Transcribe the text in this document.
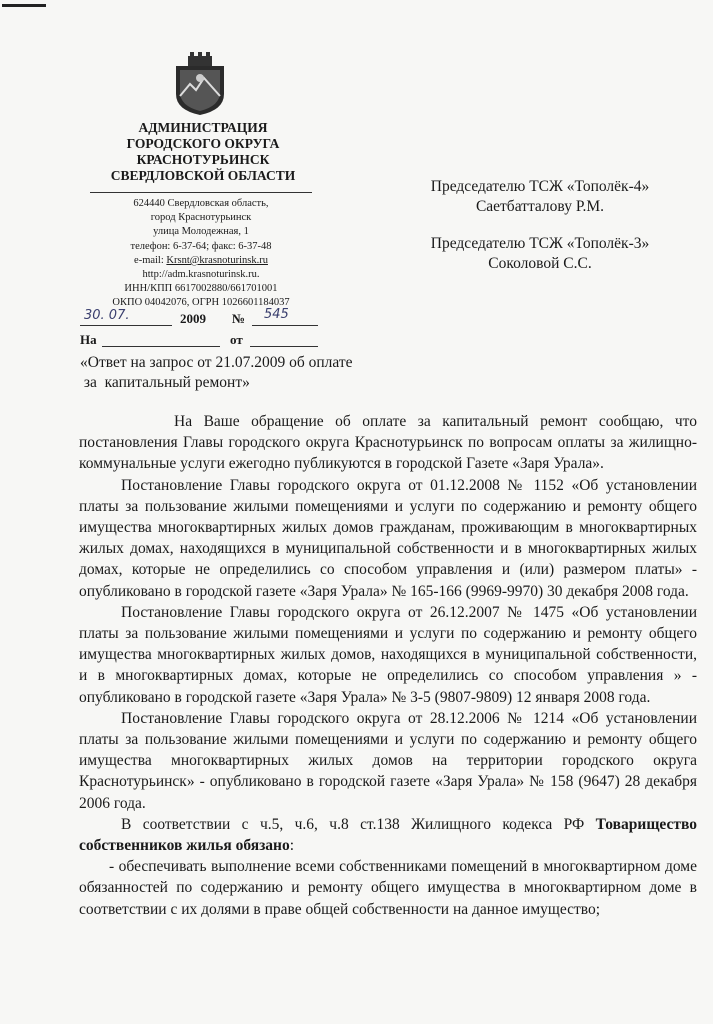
АДМИНИСТРАЦИЯ
ГОРОДСКОГО ОКРУГА
КРАСНОТУРЬИНСК
СВЕРДЛОВСКОЙ ОБЛАСТИ
624440 Свердловская область,
город Краснотурьинск
улица Молодежная, 1
телефон: 6-37-64; факс: 6-37-48
e-mail: Krsnt@krasnoturinsk.ru
http://adm.krasnoturinsk.ru.
ИНН/КПП 6617002880/661701001
ОКПО 04042076, ОГРН 1026601184037
30. 07.	2009 № 545
На	от
Председателю ТСЖ «Тополёк-4»
Саетбатталову Р.М.
Председателю ТСЖ «Тополёк-3»
Соколовой С.С.
«Ответ на запрос от 21.07.2009 об оплате
за  капитальный ремонт»

На Ваше обращение об оплате за капитальный ремонт сообщаю, что постановления Главы городского округа Краснотурьинск по вопросам оплаты за жилищно-коммунальные услуги ежегодно публикуются в городской Газете «Заря Урала».

Постановление Главы городского округа от 01.12.2008 № 1152 «Об установлении платы за пользование жилыми помещениями и услуги по содержанию и ремонту общего имущества многоквартирных жилых домов гражданам, проживающим в многоквартирных жилых домах, находящихся в муниципальной собственности и в многоквартирных жилых домах, которые не определились со способом управления и (или) размером платы» - опубликовано в городской газете «Заря Урала» № 165-166 (9969-9970) 30 декабря 2008 года.

Постановление Главы городского округа от 26.12.2007 № 1475 «Об установлении платы за пользование жилыми помещениями и услуги по содержанию и ремонту общего имущества многоквартирных жилых домов, находящихся в муниципальной собственности, и в многоквартирных домах, которые не определились со способом управления » - опубликовано в городской газете «Заря Урала» № 3-5 (9807-9809) 12 января 2008 года.

Постановление Главы городского округа от 28.12.2006 № 1214 «Об установлении платы за пользование жилыми помещениями и услуги по содержанию и ремонту общего имущества многоквартирных жилых домов на территории городского округа Краснотурьинск» - опубликовано в городской газете «Заря Урала» № 158 (9647) 28 декабря 2006 года.

В соответствии с ч.5, ч.6, ч.8 ст.138 Жилищного кодекса РФ Товарищество собственников жилья обязано:

- обеспечивать выполнение всеми собственниками помещений в многоквартирном доме обязанностей по содержанию и ремонту общего имущества в многоквартирном доме в соответствии с их долями в праве общей собственности на данное имущество;
